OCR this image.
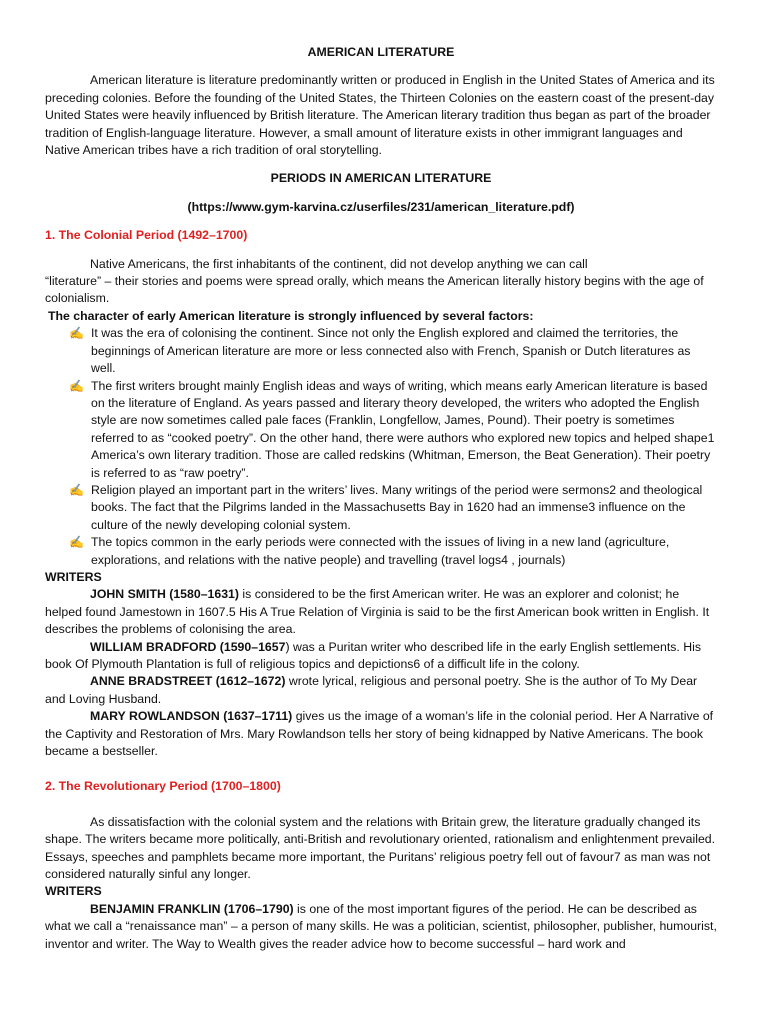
AMERICAN LITERATURE

American literature is literature predominantly written or produced in English in the United States of America and its preceding colonies. Before the founding of the United States, the Thirteen Colonies on the eastern coast of the present-day United States were heavily influenced by British literature. The American literary tradition thus began as part of the broader tradition of English-language literature. However, a small amount of literature exists in other immigrant languages and Native American tribes have a rich tradition of oral storytelling.

PERIODS IN AMERICAN LITERATURE

(https://www.gym-karvina.cz/userfiles/231/american_literature.pdf)

1. The Colonial Period (1492–1700)

Native Americans, the first inhabitants of the continent, did not develop anything we can call

“literature” – their stories and poems were spread orally, which means the American literally history begins with the age of colonialism.

The character of early American literature is strongly influenced by several factors:

✍ It was the era of colonising the continent. Since not only the English explored and claimed the territories, the beginnings of American literature are more or less connected also with French, Spanish or Dutch literatures as well.
✍ The first writers brought mainly English ideas and ways of writing, which means early American literature is based on the literature of England. As years passed and literary theory developed, the writers who adopted the English style are now sometimes called pale faces (Franklin, Longfellow, James, Pound). Their poetry is sometimes referred to as “cooked poetry”. On the other hand, there were authors who explored new topics and helped shape1 America’s own literary tradition. Those are called redskins (Whitman, Emerson, the Beat Generation). Their poetry is referred to as “raw poetry”.
✍ Religion played an important part in the writers’ lives. Many writings of the period were sermons2 and theological books. The fact that the Pilgrims landed in the Massachusetts Bay in 1620 had an immense3 influence on the culture of the newly developing colonial system.
✍ The topics common in the early periods were connected with the issues of living in a new land (agriculture, explorations, and relations with the native people) and travelling (travel logs4 , journals)

WRITERS

JOHN SMITH (1580–1631) is considered to be the first American writer. He was an explorer and colonist; he helped found Jamestown in 1607.5 His A True Relation of Virginia is said to be the first American book written in English. It describes the problems of colonising the area.

WILLIAM BRADFORD (1590–1657) was a Puritan writer who described life in the early English settlements. His book Of Plymouth Plantation is full of religious topics and depictions6 of a difficult life in the colony.

ANNE BRADSTREET (1612–1672) wrote lyrical, religious and personal poetry. She is the author of To My Dear and Loving Husband.

MARY ROWLANDSON (1637–1711) gives us the image of a woman’s life in the colonial period. Her A Narrative of the Captivity and Restoration of Mrs. Mary Rowlandson tells her story of being kidnapped by Native Americans. The book became a bestseller.

2. The Revolutionary Period (1700–1800)

As dissatisfaction with the colonial system and the relations with Britain grew, the literature gradually changed its shape. The writers became more politically, anti-British and revolutionary oriented, rationalism and enlightenment prevailed. Essays, speeches and pamphlets became more important, the Puritans’ religious poetry fell out of favour7 as man was not considered naturally sinful any longer.

WRITERS

BENJAMIN FRANKLIN (1706–1790) is one of the most important figures of the period. He can be described as what we call a “renaissance man” – a person of many skills. He was a politician, scientist, philosopher, publisher, humourist, inventor and writer. The Way to Wealth gives the reader advice how to become successful – hard work and
